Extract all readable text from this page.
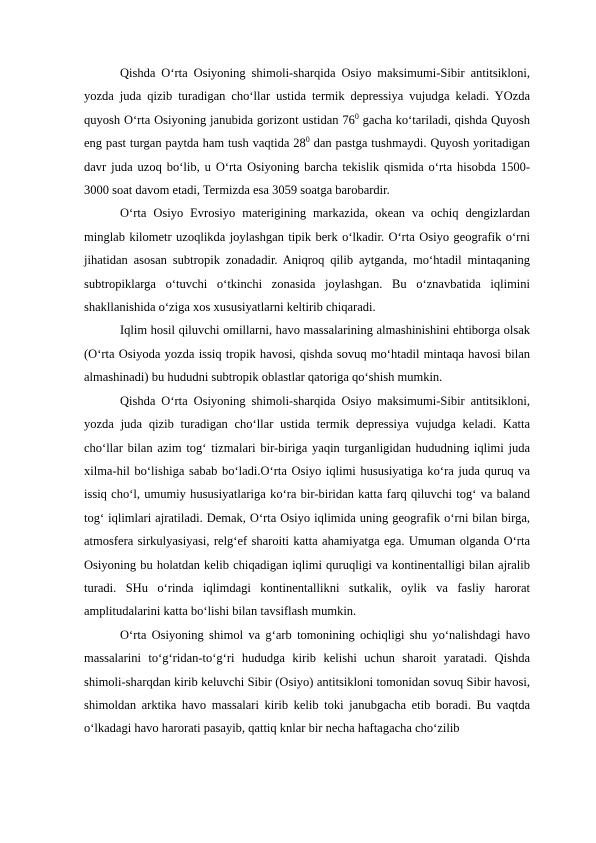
Qishda O‘rta Osiyoning shimoli-sharqida Osiyo maksimumi-Sibir antitsikloni, yozda juda qizib turadigan cho‘llar ustida termik depressiya vujudga keladi. YOzda quyosh O‘rta Osiyoning janubida gorizont ustidan $76^0$ gacha ko‘tariladi, qishda Quyosh eng past turgan paytda ham tush vaqtida $28^0$ dan pastga tushmaydi. Quyosh yoritadigan davr juda uzoq bo‘lib, u O‘rta Osiyoning barcha tekislik qismida o‘rta hisobda 1500-3000 soat davom etadi, Termizda esa 3059 soatga barobardir.

O‘rta Osiyo Evrosiyo materigining markazida, okean va ochiq dengizlardan minglab kilometr uzoqlikda joylashgan tipik berk o‘lkadir. O‘rta Osiyo geografik o‘rni jihatidan asosan subtropik zonadadir. Aniqroq qilib aytganda, mo‘htadil mintaqaning subtropiklarga o‘tuvchi o‘tkinchi zonasida joylashgan. Bu o‘znavbatida iqlimini shakllanishida o‘ziga xos xususiyatlarni keltirib chiqaradi.

Iqlim hosil qiluvchi omillarni, havo massalarining almashinishini ehtiborga olsak (O‘rta Osiyoda yozda issiq tropik havosi, qishda sovuq mo‘htadil mintaqa havosi bilan almashinadi) bu hududni subtropik oblastlar qatoriga qo‘shish mumkin.

Qishda O‘rta Osiyoning shimoli-sharqida Osiyo maksimumi-Sibir antitsikloni, yozda juda qizib turadigan cho‘llar ustida termik depressiya vujudga keladi. Katta cho‘llar bilan azim tog‘ tizmalari bir-biriga yaqin turganligidan hududning iqlimi juda xilma-hil bo‘lishiga sabab bo‘ladi.O‘rta Osiyo iqlimi hususiyatiga ko‘ra juda quruq va issiq cho‘l, umumiy hususiyatlariga ko‘ra bir-biridan katta farq qiluvchi tog‘ va baland tog‘ iqlimlari ajratiladi. Demak, O‘rta Osiyo iqlimida uning geografik o‘rni bilan birga, atmosfera sirkulyasiyasi, relg‘ef sharoiti katta ahamiyatga ega. Umuman olganda O‘rta Osiyoning bu holatdan kelib chiqadigan iqlimi quruqligi va kontinentalligi bilan ajralib turadi. SHu o‘rinda iqlimdagi kontinentallikni sutkalik, oylik va fasliy harorat amplitudalarini katta bo‘lishi bilan tavsiflash mumkin.

O‘rta Osiyoning shimol va g‘arb tomonining ochiqligi shu yo‘nalishdagi havo massalarini to‘g‘ridan-to‘g‘ri hududga kirib kelishi uchun sharoit yaratadi. Qishda shimoli-sharqdan kirib keluvchi Sibir (Osiyo) antitsikloni tomonidan sovuq Sibir havosi, shimoldan arktika havo massalari kirib kelib toki janubgacha etib boradi. Bu vaqtda o‘lkadagi havo harorati pasayib, qattiq knlar bir necha haftagacha cho‘zilib
